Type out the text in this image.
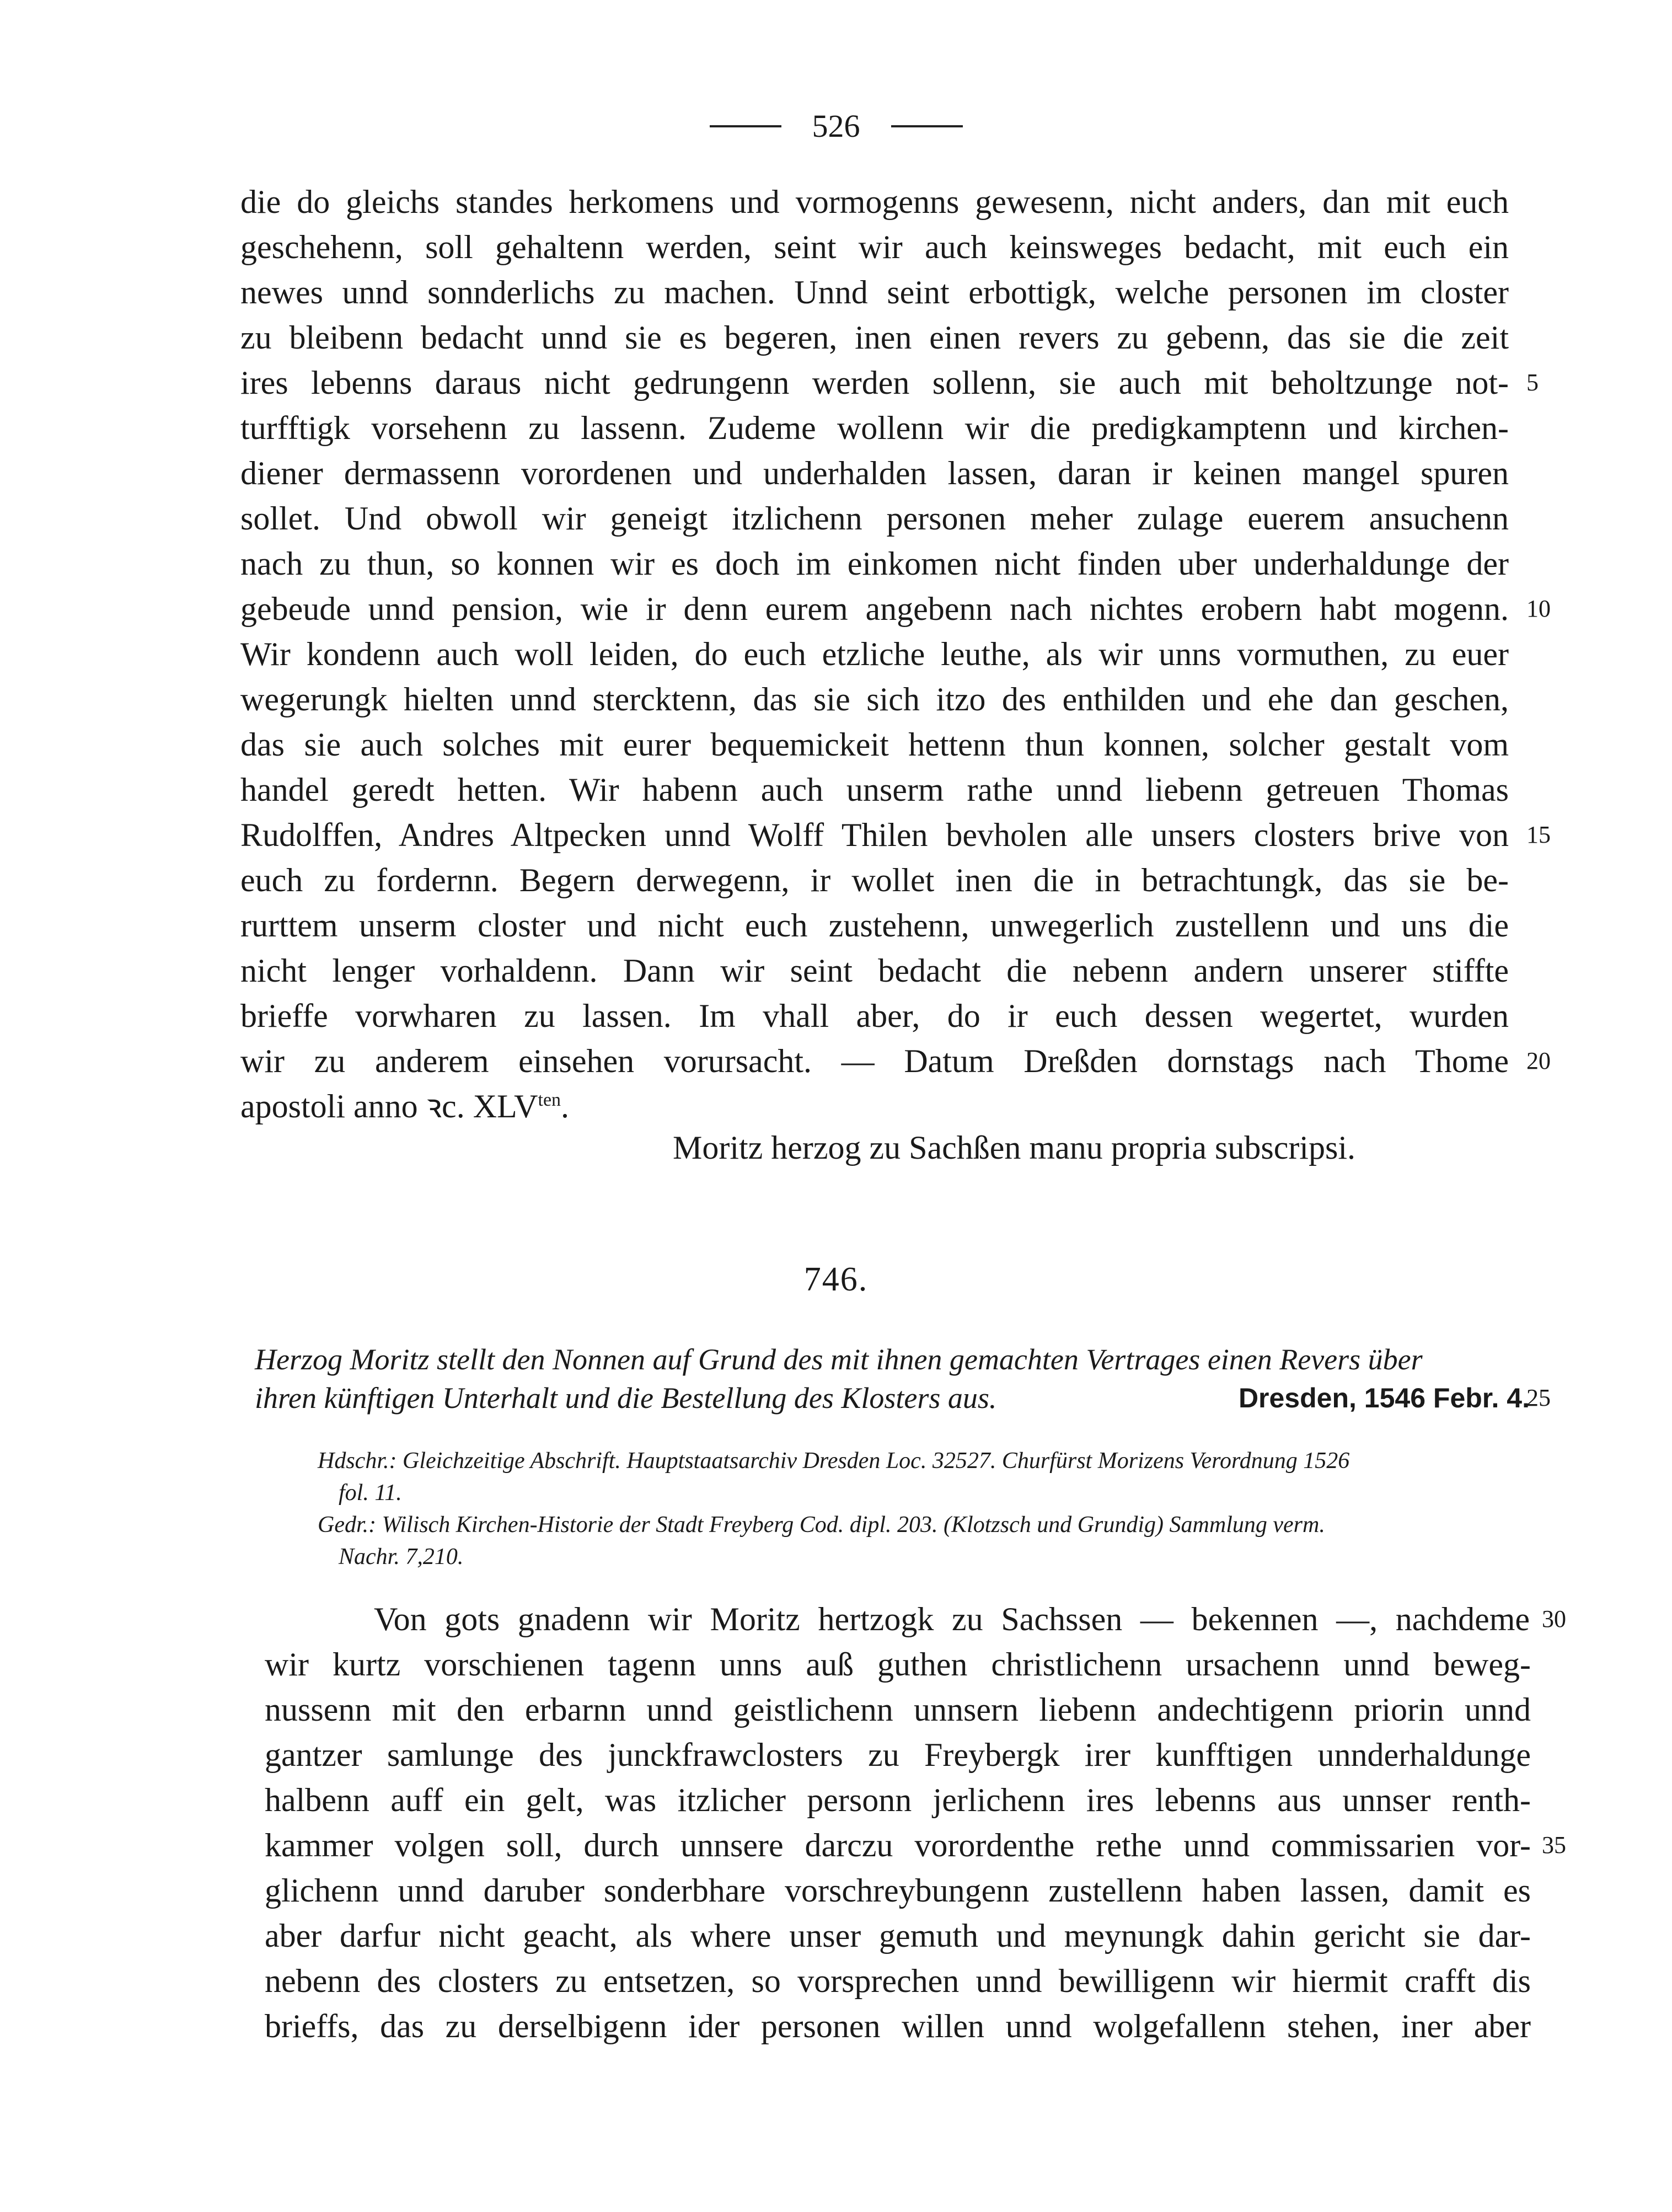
526
die do gleichs standes herkomens und vormogenns gewesenn, nicht anders, dan mit euch
geschehenn, soll gehaltenn werden, seint wir auch keinsweges bedacht, mit euch ein
newes unnd sonnderlichs zu machen. Unnd seint erbottigk, welche personen im closter
zu bleibenn bedacht unnd sie es begeren, inen einen revers zu gebenn, das sie die zeit
ires lebenns daraus nicht gedrungenn werden sollenn, sie auch mit beholtzunge not- 5
turfftigk vorsehenn zu lassenn. Zudeme wollenn wir die predigkamptenn und kirchen-
diener dermassenn vorordenen und underhalden lassen, daran ir keinen mangel spuren
sollet. Und obwoll wir geneigt itzlichenn personen meher zulage euerem ansuchenn
nach zu thun, so konnen wir es doch im einkomen nicht finden uber underhaldunge der
gebeude unnd pension, wie ir denn eurem angebenn nach nichtes erobern habt mogenn. 10
Wir kondenn auch woll leiden, do euch etzliche leuthe, als wir unns vormuthen, zu euer
wegerungk hielten unnd stercktenn, das sie sich itzo des enthilden und ehe dan geschen,
das sie auch solches mit eurer bequemickeit hettenn thun konnen, solcher gestalt vom
handel geredt hetten. Wir habenn auch unserm rathe unnd liebenn getreuen Thomas
Rudolffen, Andres Altpecken unnd Wolff Thilen bevholen alle unsers closters brive von 15
euch zu fordernn. Begern derwegenn, ir wollet inen die in betrachtungk, das sie be-
rurttem unserm closter und nicht euch zustehenn, unwegerlich zustellenn und uns die
nicht lenger vorhaldenn. Dann wir seint bedacht die nebenn andern unserer stiffte
brieffe vorwharen zu lassen. Im vhall aber, do ir euch dessen wegertet, wurden
wir zu anderem einsehen vorursacht. — Datum Dreßden dornstags nach Thome 20
apostoli anno ꝛc. $XLV^{ten}$.
Moritz herzog zu Sachßen manu propria subscripsi.
746.
Herzog Moritz stellt den Nonnen auf Grund des mit ihnen gemachten Vertrages einen Revers über
ihren künftigen Unterhalt und die Bestellung des Klosters aus.	Dresden, 1546 Febr. 4.
25
Hdschr.: Gleichzeitige Abschrift. Hauptstaatsarchiv Dresden Loc. 32527. Churfürst Morizens Verordnung 1526
fol. 11.
Gedr.: Wilisch Kirchen-Historie der Stadt Freyberg Cod. dipl. 203. (Klotzsch und Grundig) Sammlung verm.
Nachr. 7,210.
Von gots gnadenn wir Moritz hertzogk zu Sachssen — bekennen —, nachdeme 30
wir kurtz vorschienen tagenn unns auß guthen christlichenn ursachenn unnd beweg-
nussenn mit den erbarnn unnd geistlichenn unnsern liebenn andechtigenn priorin unnd
gantzer samlunge des junckfrawclosters zu Freybergk irer kunfftigen unnderhaldunge
halbenn auff ein gelt, was itzlicher personn jerlichenn ires lebenns aus unnser renth-
kammer volgen soll, durch unnsere darczu vorordenthe rethe unnd commissarien vor- 35
glichenn unnd daruber sonderbhare vorschreybungenn zustellenn haben lassen, damit es
aber darfur nicht geacht, als where unser gemuth und meynungk dahin gericht sie dar-
nebenn des closters zu entsetzen, so vorsprechen unnd bewilligenn wir hiermit crafft dis
brieffs, das zu derselbigenn ider personen willen unnd wolgefallenn stehen, iner aber
